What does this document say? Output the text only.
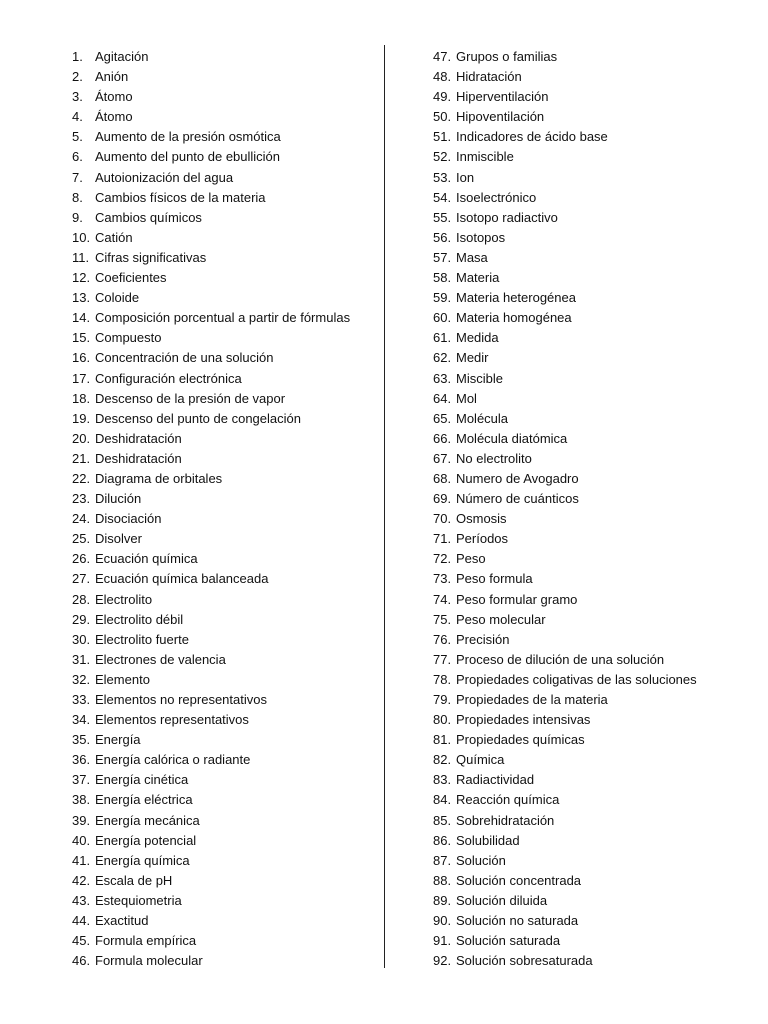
1. Agitación
2. Anión
3. Átomo
4. Átomo
5. Aumento de la presión osmótica
6. Aumento del punto de ebullición
7. Autoionización del agua
8. Cambios físicos de la materia
9. Cambios químicos
10. Catión
11. Cifras significativas
12. Coeficientes
13. Coloide
14. Composición porcentual a partir de fórmulas
15. Compuesto
16. Concentración de una solución
17. Configuración electrónica
18. Descenso de la presión de vapor
19. Descenso del punto de congelación
20. Deshidratación
21. Deshidratación
22. Diagrama de orbitales
23. Dilución
24. Disociación
25. Disolver
26. Ecuación química
27. Ecuación química balanceada
28. Electrolito
29. Electrolito débil
30. Electrolito fuerte
31. Electrones de valencia
32. Elemento
33. Elementos no representativos
34. Elementos representativos
35. Energía
36. Energía calórica o radiante
37. Energía cinética
38. Energía eléctrica
39. Energía mecánica
40. Energía potencial
41. Energía química
42. Escala de pH
43. Estequiometria
44. Exactitud
45. Formula empírica
46. Formula molecular
47. Grupos o familias
48. Hidratación
49. Hiperventilación
50. Hipoventilación
51. Indicadores de ácido base
52. Inmiscible
53. Ion
54. Isoelectrónico
55. Isotopo radiactivo
56. Isotopos
57. Masa
58. Materia
59. Materia heterogénea
60. Materia homogénea
61. Medida
62. Medir
63. Miscible
64. Mol
65. Molécula
66. Molécula diatómica
67. No electrolito
68. Numero de Avogadro
69. Número de cuánticos
70. Osmosis
71. Períodos
72. Peso
73. Peso formula
74. Peso formular gramo
75. Peso molecular
76. Precisión
77. Proceso de dilución de una solución
78. Propiedades coligativas de las soluciones
79. Propiedades de la materia
80. Propiedades intensivas
81. Propiedades químicas
82. Química
83. Radiactividad
84. Reacción química
85. Sobrehidratación
86. Solubilidad
87. Solución
88. Solución concentrada
89. Solución diluida
90. Solución no saturada
91. Solución saturada
92. Solución sobresaturada
